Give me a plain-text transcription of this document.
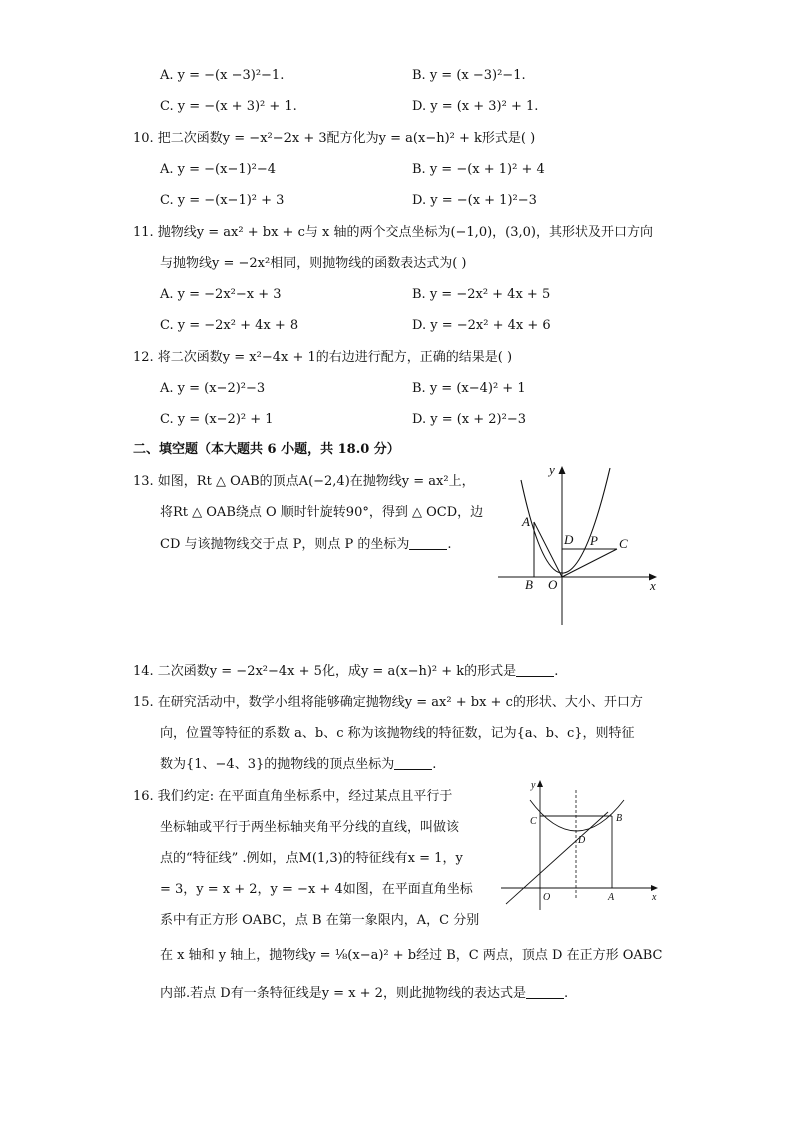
A. y = −(x −3)²−1.	B. y = (x −3)²−1.
C. y = −(x + 3)² + 1.	D. y = (x + 3)² + 1.
10. 把二次函数y = −x²−2x + 3配方化为y = a(x−h)² + k形式是( )
A. y = −(x−1)²−4	B. y = −(x + 1)² + 4
C. y = −(x−1)² + 3	D. y = −(x + 1)²−3
11. 抛物线y = ax² + bx + c与 x 轴的两个交点坐标为(−1,0)，(3,0)，其形状及开口方向
与抛物线y = −2x²相同，则抛物线的函数表达式为( )
A. y = −2x²−x + 3	B. y = −2x² + 4x + 5
C. y = −2x² + 4x + 8	D. y = −2x² + 4x + 6
12. 将二次函数y = x²−4x + 1的右边进行配方，正确的结果是( )
A. y = (x−2)²−3	B. y = (x−4)² + 1
C. y = (x−2)² + 1	D. y = (x + 2)²−3
二、填空题（本大题共 6 小题，共 18.0 分）
13. 如图，Rt △ OAB的顶点A(−2,4)在抛物线y = ax²上，
将Rt △ OAB绕点 O 顺时针旋转90°，得到 △ OCD，边
CD 与该抛物线交于点 P，则点 P 的坐标为	.
y
x
A
B O
D P C
14. 二次函数y = −2x²−4x + 5化，成y = a(x−h)² + k的形式是	.
15. 在研究活动中，数学小组将能够确定抛物线y = ax² + bx + c的形状、大小、开口方
向，位置等特征的系数 a、b、c 称为该抛物线的特征数，记为{a、b、c}，则特征
数为{1、−4、3}的抛物线的顶点坐标为	.
16. 我们约定: 在平面直角坐标系中，经过某点且平行于
坐标轴或平行于两坐标轴夹角平分线的直线，叫做该
点的“特征线” .例如，点M(1,3)的特征线有x = 1，y
= 3，y = x + 2，y = −x + 4如图，在平面直角坐标
系中有正方形 OABC，点 B 在第一象限内，A，C 分别
在 x 轴和 y 轴上，抛物线y = ⅛(x−a)² + b经过 B，C 两点，顶点 D 在正方形 OABC
内部.若点 D有一条特征线是y = x + 2，则此抛物线的表达式是	.
y
x
C	B
D
O	A
